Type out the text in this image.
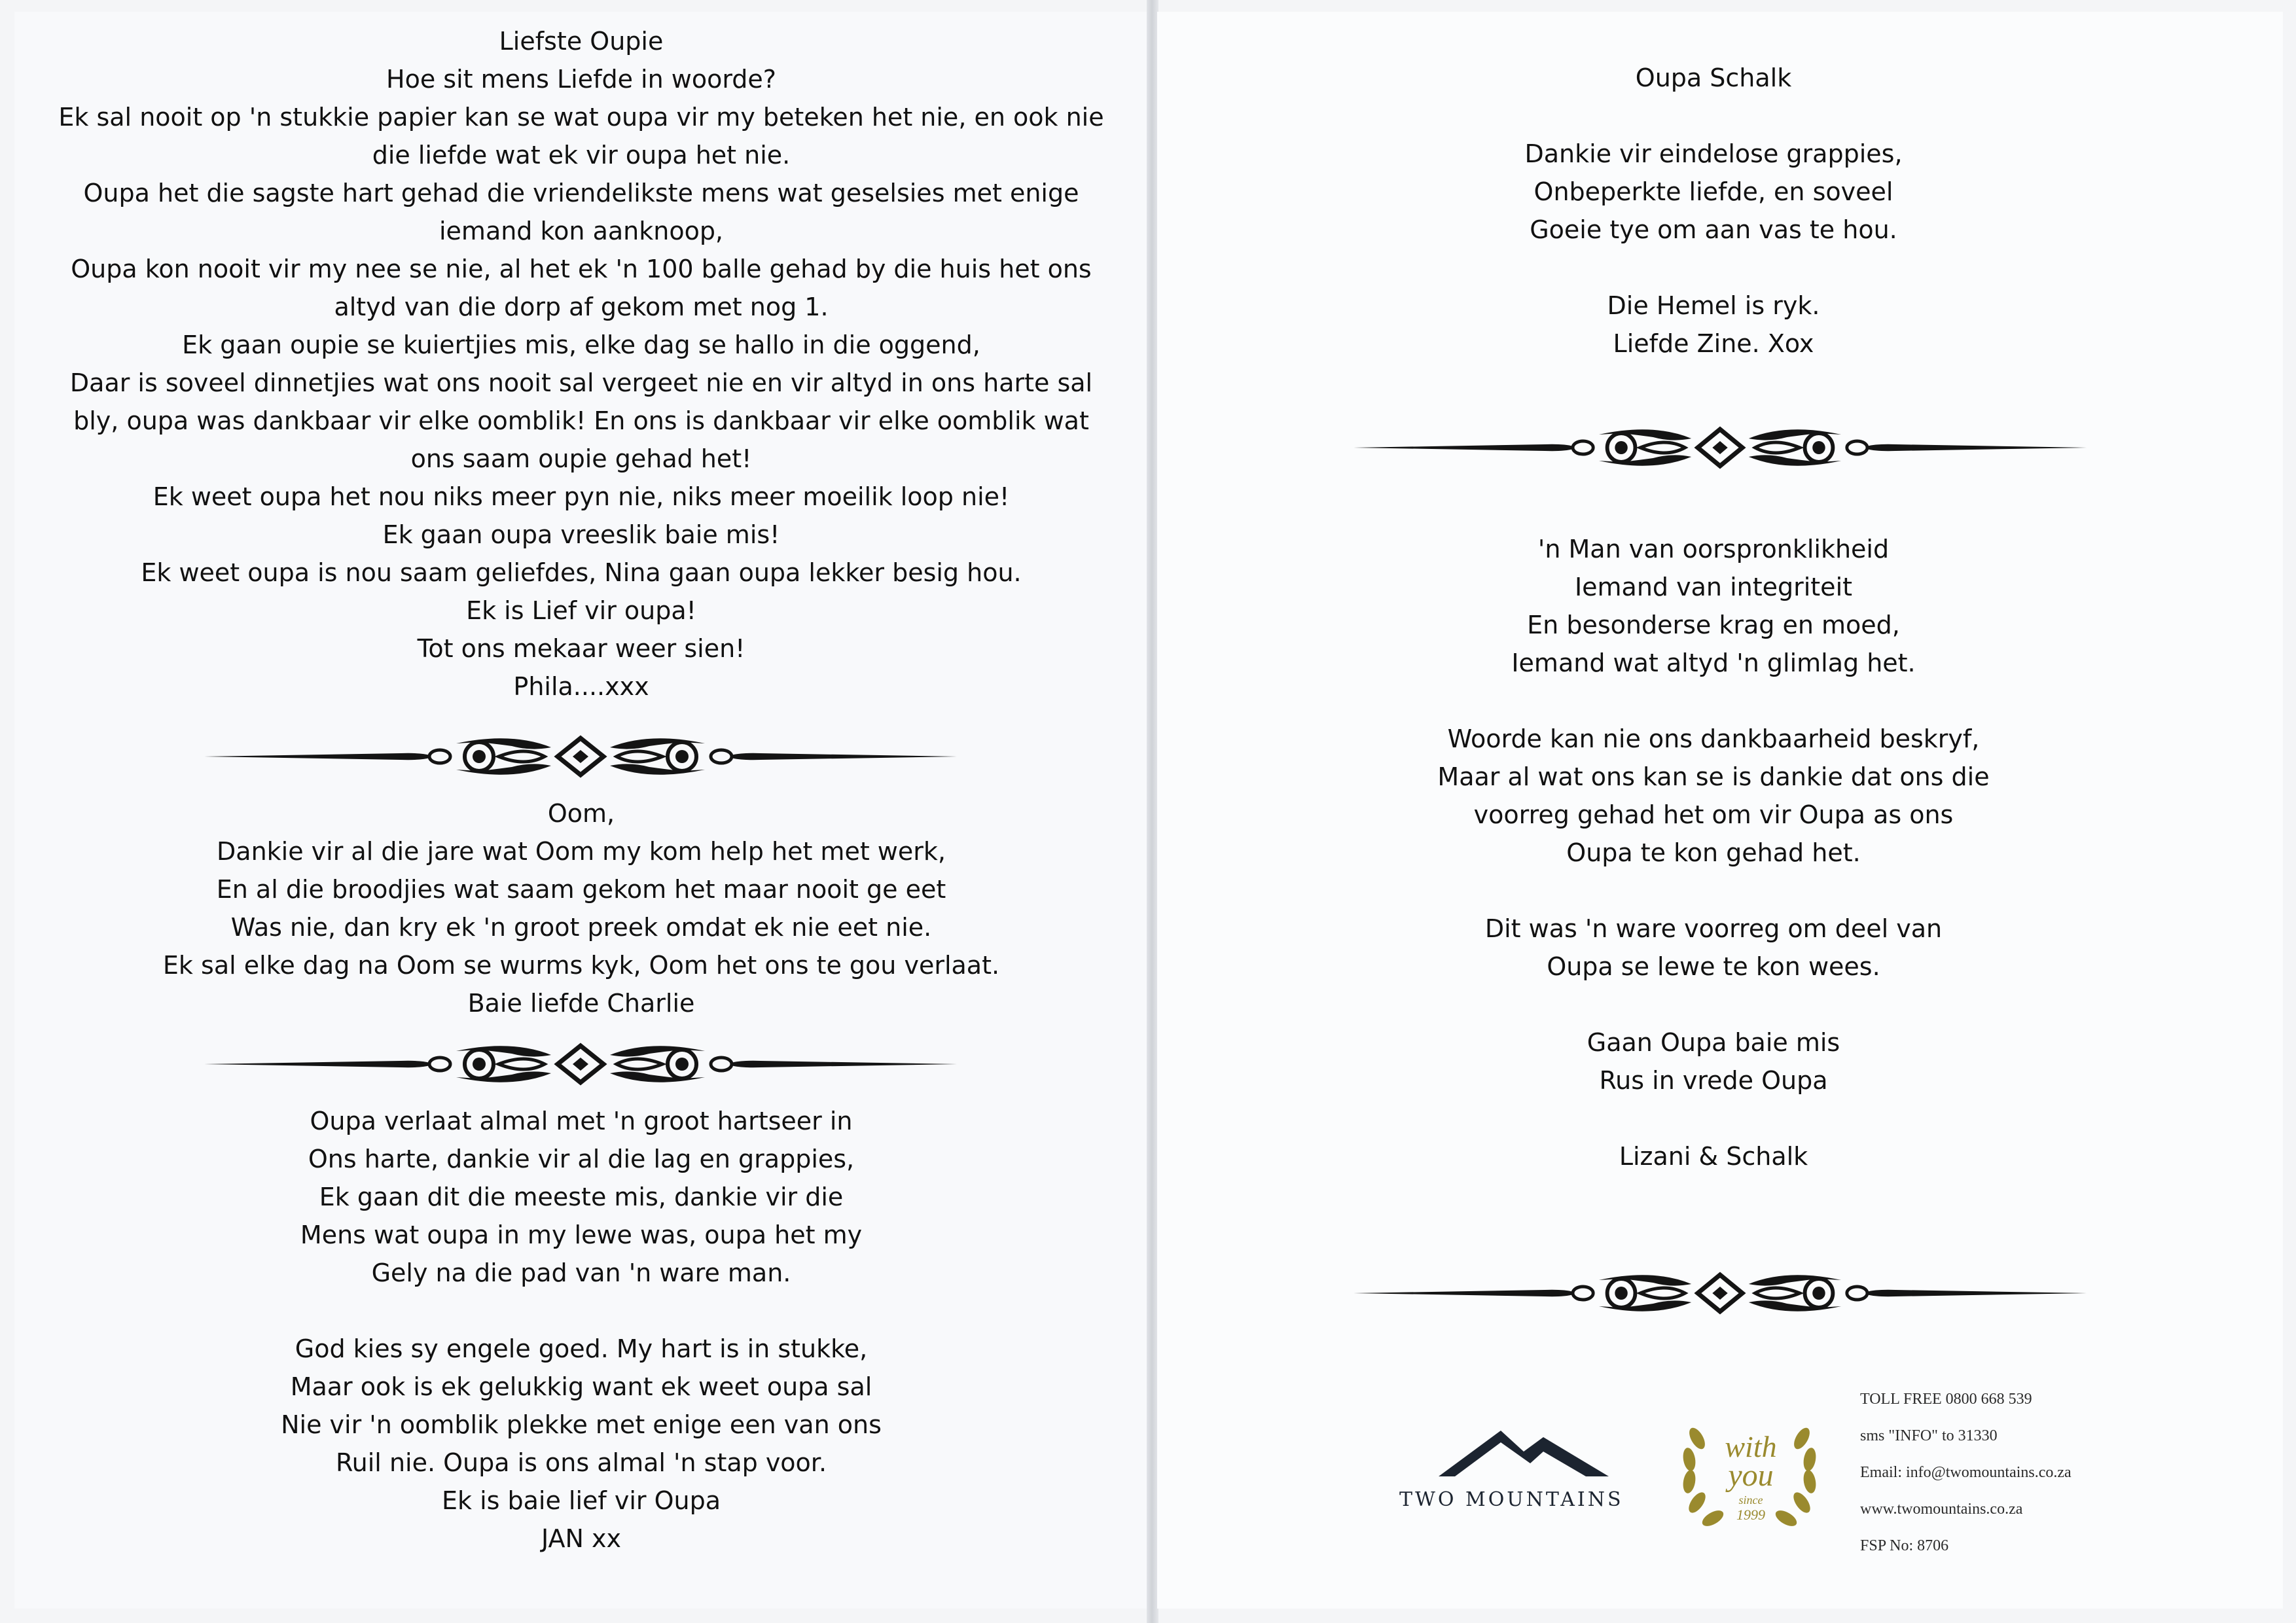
Liefste Oupie
Hoe sit mens Liefde in woorde?
Ek sal nooit op 'n stukkie papier kan se wat oupa vir my beteken het nie, en ook nie
die liefde wat ek vir oupa het nie.
Oupa het die sagste hart gehad die vriendelikste mens wat geselsies met enige
iemand kon aanknoop,
Oupa kon nooit vir my nee se nie, al het ek 'n 100 balle gehad by die huis het ons
altyd van die dorp af gekom met nog 1.
Ek gaan oupie se kuiertjies mis, elke dag se hallo in die oggend,
Daar is soveel dinnetjies wat ons nooit sal vergeet nie en vir altyd in ons harte sal
bly, oupa was dankbaar vir elke oomblik! En ons is dankbaar vir elke oomblik wat
ons saam oupie gehad het!
Ek weet oupa het nou niks meer pyn nie, niks meer moeilik loop nie!
Ek gaan oupa vreeslik baie mis!
Ek weet oupa is nou saam geliefdes, Nina gaan oupa lekker besig hou.
Ek is Lief vir oupa!
Tot ons mekaar weer sien!
Phila....xxx
Oom,
Dankie vir al die jare wat Oom my kom help het met werk,
En al die broodjies wat saam gekom het maar nooit ge eet
Was nie, dan kry ek 'n groot preek omdat ek nie eet nie.
Ek sal elke dag na Oom se wurms kyk, Oom het ons te gou verlaat.
Baie liefde Charlie
Oupa verlaat almal met 'n groot hartseer in
Ons harte, dankie vir al die lag en grappies,
Ek gaan dit die meeste mis, dankie vir die
Mens wat oupa in my lewe was, oupa het my
Gely na die pad van 'n ware man.
God kies sy engele goed. My hart is in stukke,
Maar ook is ek gelukkig want ek weet oupa sal
Nie vir 'n oomblik plekke met enige een van ons
Ruil nie. Oupa is ons almal 'n stap voor.
Ek is baie lief vir Oupa
JAN xx
Oupa Schalk
Dankie vir eindelose grappies,
Onbeperkte liefde, en soveel
Goeie tye om aan vas te hou.
Die Hemel is ryk.
Liefde Zine. Xox
'n Man van oorspronklikheid
Iemand van integriteit
En besonderse krag en moed,
Iemand wat altyd 'n glimlag het.
Woorde kan nie ons dankbaarheid beskryf,
Maar al wat ons kan se is dankie dat ons die
voorreg gehad het om vir Oupa as ons
Oupa te kon gehad het.
Dit was 'n ware voorreg om deel van
Oupa se lewe te kon wees.
Gaan Oupa baie mis
Rus in vrede Oupa
Lizani & Schalk
TWO MOUNTAINS
with
you
since
1999
TOLL FREE 0800 668 539
sms "INFO" to 31330
Email: info@twomountains.co.za
www.twomountains.co.za
FSP No: 8706
